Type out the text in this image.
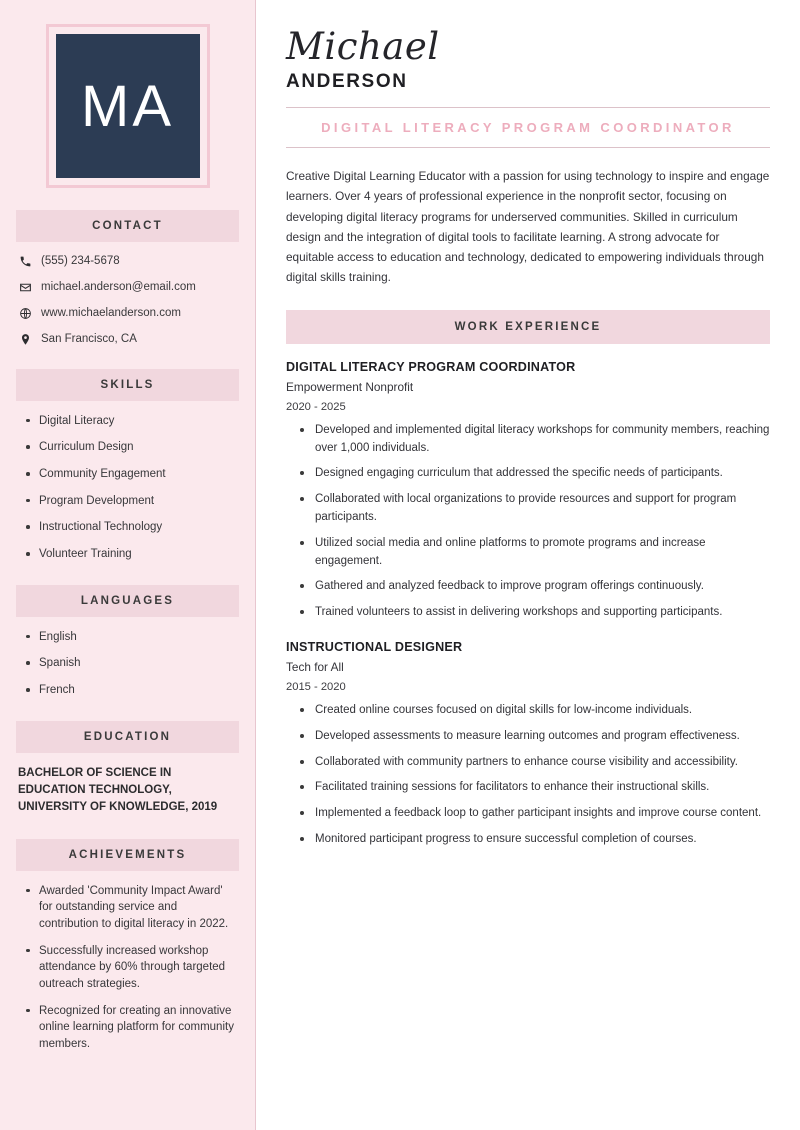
MA
CONTACT
(555) 234-5678
michael.anderson@email.com
www.michaelanderson.com
San Francisco, CA
SKILLS
Digital Literacy
Curriculum Design
Community Engagement
Program Development
Instructional Technology
Volunteer Training
LANGUAGES
English
Spanish
French
EDUCATION
BACHELOR OF SCIENCE IN EDUCATION TECHNOLOGY, UNIVERSITY OF KNOWLEDGE, 2019
ACHIEVEMENTS
Awarded 'Community Impact Award' for outstanding service and contribution to digital literacy in 2022.
Successfully increased workshop attendance by 60% through targeted outreach strategies.
Recognized for creating an innovative online learning platform for community members.
Michael
ANDERSON
DIGITAL LITERACY PROGRAM COORDINATOR

Creative Digital Learning Educator with a passion for using technology to inspire and engage learners. Over 4 years of professional experience in the nonprofit sector, focusing on developing digital literacy programs for underserved communities. Skilled in curriculum design and the integration of digital tools to facilitate learning. A strong advocate for equitable access to education and technology, dedicated to empowering individuals through digital skills training.

WORK EXPERIENCE
DIGITAL LITERACY PROGRAM COORDINATOR
Empowerment Nonprofit
2020 - 2025
Developed and implemented digital literacy workshops for community members, reaching over 1,000 individuals.
Designed engaging curriculum that addressed the specific needs of participants.
Collaborated with local organizations to provide resources and support for program participants.
Utilized social media and online platforms to promote programs and increase engagement.
Gathered and analyzed feedback to improve program offerings continuously.
Trained volunteers to assist in delivering workshops and supporting participants.
INSTRUCTIONAL DESIGNER
Tech for All
2015 - 2020
Created online courses focused on digital skills for low-income individuals.
Developed assessments to measure learning outcomes and program effectiveness.
Collaborated with community partners to enhance course visibility and accessibility.
Facilitated training sessions for facilitators to enhance their instructional skills.
Implemented a feedback loop to gather participant insights and improve course content.
Monitored participant progress to ensure successful completion of courses.
